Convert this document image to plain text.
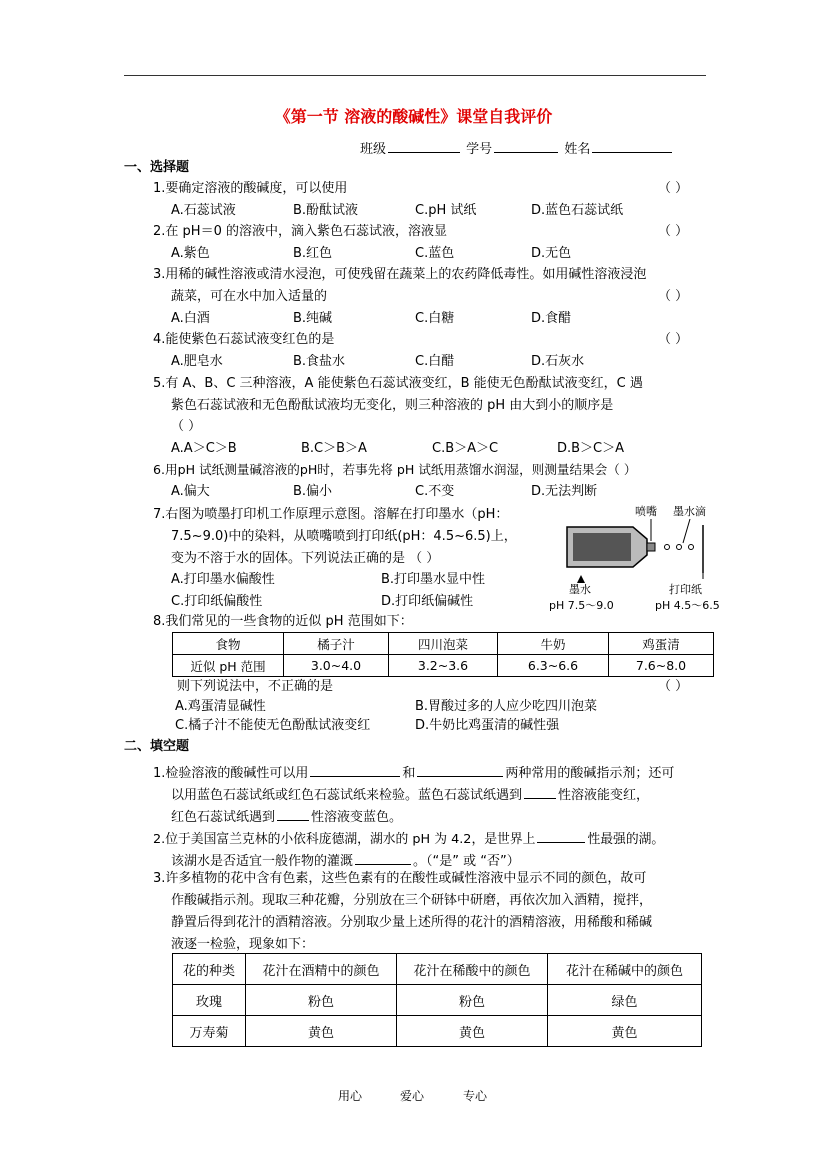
《第一节 溶液的酸碱性》课堂自我评价
班级	学号	姓名
一、选择题
1.要确定溶液的酸碱度，可以使用	（ ）
A.石蕊试液	B.酚酞试液	C.pH 试纸	D.蓝色石蕊试纸
2.在 pH＝0 的溶液中，滴入紫色石蕊试液，溶液显	（ ）
A.紫色	B.红色	C.蓝色	D.无色
3.用稀的碱性溶液或清水浸泡，可使残留在蔬菜上的农药降低毒性。如用碱性溶液浸泡
蔬菜，可在水中加入适量的	（ ）
A.白酒	B.纯碱	C.白糖	D.食醋
4.能使紫色石蕊试液变红色的是	（ ）
A.肥皂水	B.食盐水	C.白醋	D.石灰水
5.有 A、B、C 三种溶液，A 能使紫色石蕊试液变红，B 能使无色酚酞试液变红，C 遇
紫色石蕊试液和无色酚酞试液均无变化，则三种溶液的 pH 由大到小的顺序是
（ ）
A.A＞C＞B	B.C＞B＞A	C.B＞A＞C	D.B＞C＞A
6.用pH 试纸测量碱溶液的pH时，若事先将 pH 试纸用蒸馏水润湿，则测量结果会（ ）
A.偏大	B.偏小	C.不变	D.无法判断
7.右图为喷墨打印机工作原理示意图。溶解在打印墨水（pH：
7.5~9.0)中的染料，从喷嘴喷到打印纸(pH：4.5~6.5)上，
变为不溶于水的固体。下列说法正确的是 （ ）
A.打印墨水偏酸性	B.打印墨水显中性
C.打印纸偏酸性	D.打印纸偏碱性
喷嘴 墨水滴
墨水
pH 7.5～9.0
打印纸
pH 4.5～6.5
8.我们常见的一些食物的近似 pH 范围如下：
食物	橘子汁	四川泡菜	牛奶	鸡蛋清
近似 pH 范围	3.0~4.0	3.2~3.6	6.3~6.6	7.6~8.0
则下列说法中，不正确的是	（ ）
A.鸡蛋清显碱性	B.胃酸过多的人应少吃四川泡菜
C.橘子汁不能使无色酚酞试液变红	D.牛奶比鸡蛋清的碱性强
二、填空题
1.检验溶液的酸碱性可以用	和	两种常用的酸碱指示剂；还可
以用蓝色石蕊试纸或红色石蕊试纸来检验。蓝色石蕊试纸遇到	性溶液能变红，
红色石蕊试纸遇到	性溶液变蓝色。
2.位于美国富兰克林的小依科庞德湖，湖水的 pH 为 4.2，是世界上	性最强的湖。
该湖水是否适宜一般作物的灌溉	。（“是” 或 “否”）
3.许多植物的花中含有色素，这些色素有的在酸性或碱性溶液中显示不同的颜色，故可
作酸碱指示剂。现取三种花瓣，分别放在三个研钵中研磨，再依次加入酒精，搅拌，
静置后得到花汁的酒精溶液。分别取少量上述所得的花汁的酒精溶液，用稀酸和稀碱
液逐一检验，现象如下：
花的种类	花汁在酒精中的颜色	花汁在稀酸中的颜色	花汁在稀碱中的颜色
玫瑰	粉色	粉色	绿色
万寿菊	黄色	黄色	黄色
用心	爱心	专心
